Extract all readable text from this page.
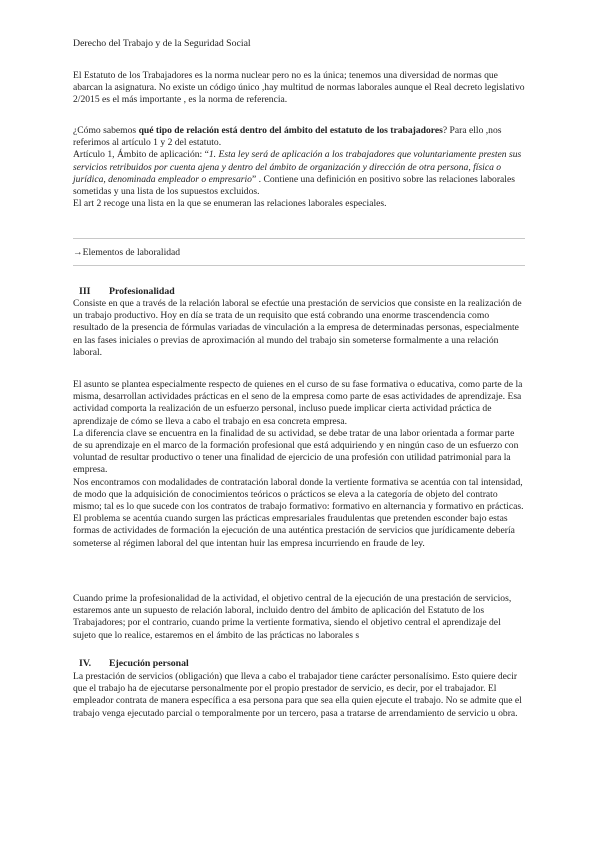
Derecho del Trabajo y de la Seguridad Social

El Estatuto de los Trabajadores es la norma nuclear pero no es la única; tenemos una diversidad de normas que abarcan la asignatura. No existe un código único ,hay multitud de normas laborales aunque el Real decreto legislativo 2/2015 es el más importante , es la norma de referencia.

¿Cómo sabemos qué tipo de relación está dentro del ámbito del estatuto de los trabajadores? Para ello ,nos referimos al artículo 1 y 2 del estatuto.

Artículo 1, Ámbito de aplicación: “1. Esta ley será de aplicación a los trabajadores que voluntariamente presten sus servicios retribuidos por cuenta ajena y dentro del ámbito de organización y dirección de otra persona, física o jurídica, denominada empleador o empresario” . Contiene una definición en positivo sobre las relaciones laborales sometidas y una lista de los supuestos excluidos.

El art 2 recoge una lista en la que se enumeran las relaciones laborales especiales.

→Elementos de laboralidad
III Profesionalidad

Consiste en que a través de la relación laboral se efectúe una prestación de servicios que consiste en la realización de un trabajo productivo. Hoy en día se trata de un requisito que está cobrando una enorme trascendencia como resultado de la presencia de fórmulas variadas de vinculación a la empresa de determinadas personas, especialmente en las fases iniciales o previas de aproximación al mundo del trabajo sin someterse formalmente a una relación laboral.

El asunto se plantea especialmente respecto de quienes en el curso de su fase formativa o educativa, como parte de la misma, desarrollan actividades prácticas en el seno de la empresa como parte de esas actividades de aprendizaje. Esa actividad comporta la realización de un esfuerzo personal, incluso puede implicar cierta actividad práctica de aprendizaje de cómo se lleva a cabo el trabajo en esa concreta empresa.

La diferencia clave se encuentra en la finalidad de su actividad, se debe tratar de una labor orientada a formar parte de su aprendizaje en el marco de la formación profesional que está adquiriendo y en ningún caso de un esfuerzo con voluntad de resultar productivo o tener una finalidad de ejercicio de una profesión con utilidad patrimonial para la empresa.

Nos encontramos con modalidades de contratación laboral donde la vertiente formativa se acentúa con tal intensidad, de modo que la adquisición de conocimientos teóricos o prácticos se eleva a la categoría de objeto del contrato mismo; tal es lo que sucede con los contratos de trabajo formativo: formativo en alternancia y formativo en prácticas. El problema se acentúa cuando surgen las prácticas empresariales fraudulentas que pretenden esconder bajo estas formas de actividades de formación la ejecución de una auténtica prestación de servicios que jurídicamente debería someterse al régimen laboral del que intentan huir las empresa incurriendo en fraude de ley.

Cuando prime la profesionalidad de la actividad, el objetivo central de la ejecución de una prestación de servicios, estaremos ante un supuesto de relación laboral, incluido dentro del ámbito de aplicación del Estatuto de los Trabajadores; por el contrario, cuando prime la vertiente formativa, siendo el objetivo central el aprendizaje del sujeto que lo realice, estaremos en el ámbito de las prácticas no laborales s

IV. Ejecución personal

La prestación de servicios (obligación) que lleva a cabo el trabajador tiene carácter personalísimo. Esto quiere decir que el trabajo ha de ejecutarse personalmente por el propio prestador de servicio, es decir, por el trabajador. El empleador contrata de manera específica a esa persona para que sea ella quien ejecute el trabajo. No se admite que el trabajo venga ejecutado parcial o temporalmente por un tercero, pasa a tratarse de arrendamiento de servicio u obra.
